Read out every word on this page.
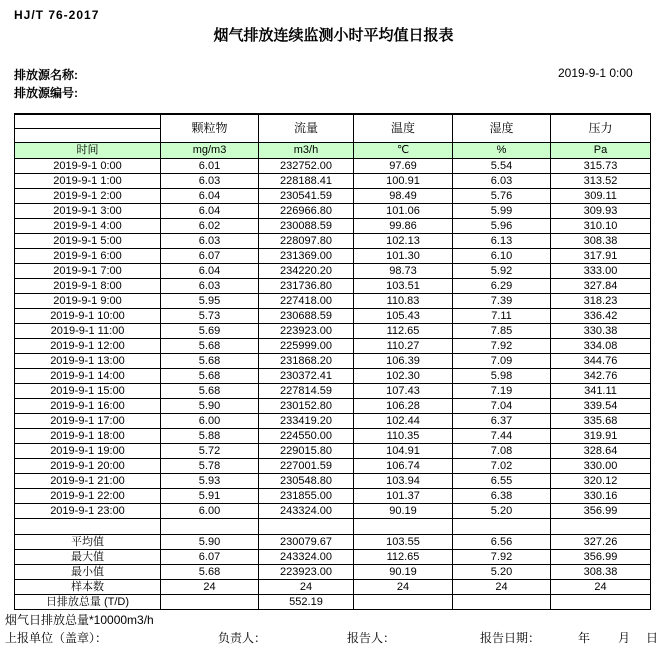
HJ/T 76-2017
烟气排放连续监测小时平均值日报表
排放源名称:
排放源编号:
2019-9-1 0:00
	颗粒物	流量	温度	湿度	压力

时间	mg/m3	m3/h	℃	%	Pa
2019-9-1 0:00	6.01	232752.00	97.69	5.54	315.73
2019-9-1 1:00	6.03	228188.41	100.91	6.03	313.52
2019-9-1 2:00	6.04	230541.59	98.49	5.76	309.11
2019-9-1 3:00	6.04	226966.80	101.06	5.99	309.93
2019-9-1 4:00	6.02	230088.59	99.86	5.96	310.10
2019-9-1 5:00	6.03	228097.80	102.13	6.13	308.38
2019-9-1 6:00	6.07	231369.00	101.30	6.10	317.91
2019-9-1 7:00	6.04	234220.20	98.73	5.92	333.00
2019-9-1 8:00	6.03	231736.80	103.51	6.29	327.84
2019-9-1 9:00	5.95	227418.00	110.83	7.39	318.23
2019-9-1 10:00	5.73	230688.59	105.43	7.11	336.42
2019-9-1 11:00	5.69	223923.00	112.65	7.85	330.38
2019-9-1 12:00	5.68	225999.00	110.27	7.92	334.08
2019-9-1 13:00	5.68	231868.20	106.39	7.09	344.76
2019-9-1 14:00	5.68	230372.41	102.30	5.98	342.76
2019-9-1 15:00	5.68	227814.59	107.43	7.19	341.11
2019-9-1 16:00	5.90	230152.80	106.28	7.04	339.54
2019-9-1 17:00	6.00	233419.20	102.44	6.37	335.68
2019-9-1 18:00	5.88	224550.00	110.35	7.44	319.91
2019-9-1 19:00	5.72	229015.80	104.91	7.08	328.64
2019-9-1 20:00	5.78	227001.59	106.74	7.02	330.00
2019-9-1 21:00	5.93	230548.80	103.94	6.55	320.12
2019-9-1 22:00	5.91	231855.00	101.37	6.38	330.16
2019-9-1 23:00	6.00	243324.00	90.19	5.20	356.99

平均值	5.90	230079.67	103.55	6.56	327.26
最大值	6.07	243324.00	112.65	7.92	356.99
最小值	5.68	223923.00	90.19	5.20	308.38
样本数	24	24	24	24	24
日排放总量 (T/D)		552.19			
烟气日排放总量*10000m3/h
上报单位（盖章）：	负责人：	报告人：	报告日期：	年 月 日
